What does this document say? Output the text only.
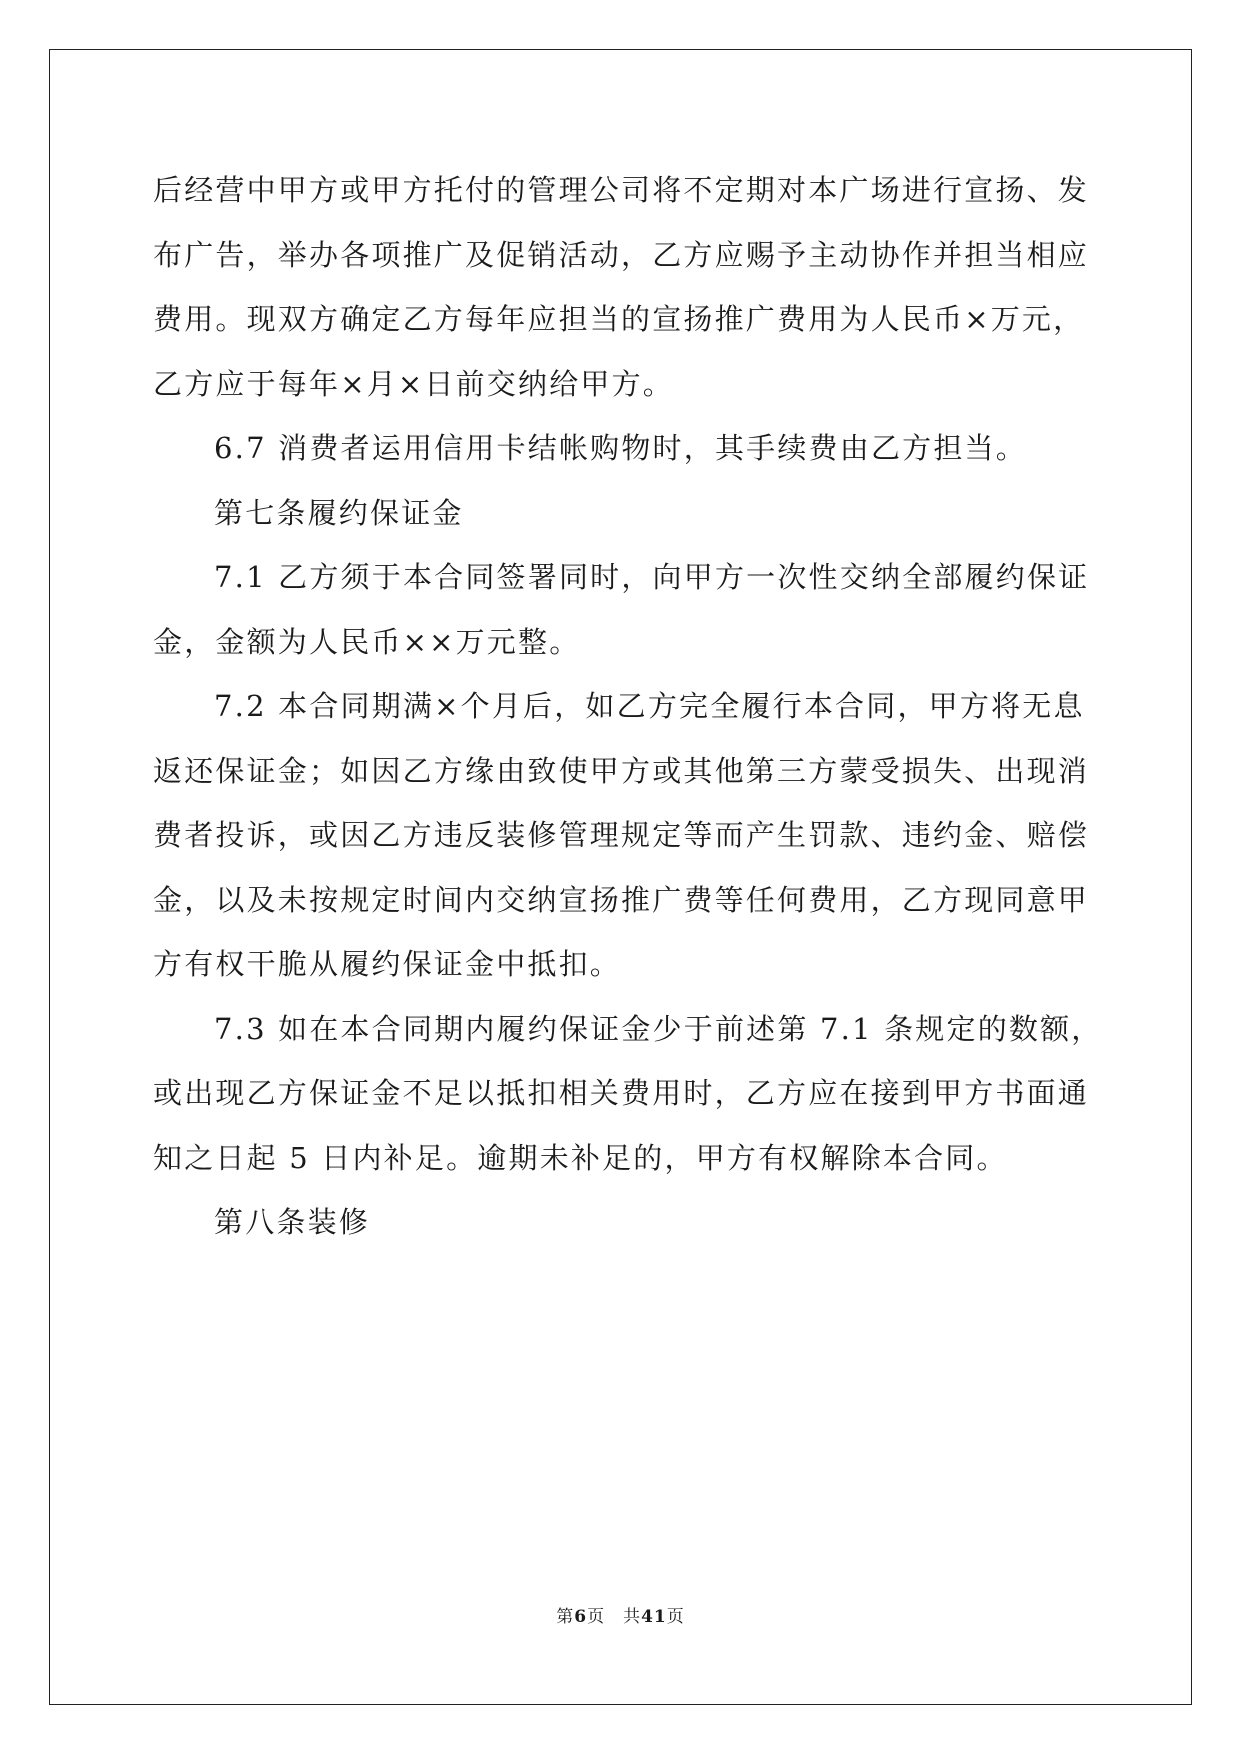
后经营中甲方或甲方托付的管理公司将不定期对本广场进行宣扬、发
布广告，举办各项推广及促销活动，乙方应赐予主动协作并担当相应
费用。现双方确定乙方每年应担当的宣扬推广费用为人民币×万元，
乙方应于每年×月×日前交纳给甲方。
6.7 消费者运用信用卡结帐购物时，其手续费由乙方担当。
第七条履约保证金
7.1 乙方须于本合同签署同时，向甲方一次性交纳全部履约保证
金，金额为人民币××万元整。
7.2 本合同期满×个月后，如乙方完全履行本合同，甲方将无息
返还保证金；如因乙方缘由致使甲方或其他第三方蒙受损失、出现消
费者投诉，或因乙方违反装修管理规定等而产生罚款、违约金、赔偿
金，以及未按规定时间内交纳宣扬推广费等任何费用，乙方现同意甲
方有权干脆从履约保证金中抵扣。
7.3 如在本合同期内履约保证金少于前述第 7.1 条规定的数额，
或出现乙方保证金不足以抵扣相关费用时，乙方应在接到甲方书面通
知之日起 5 日内补足。逾期未补足的，甲方有权解除本合同。
第八条装修
第6页 共41页
